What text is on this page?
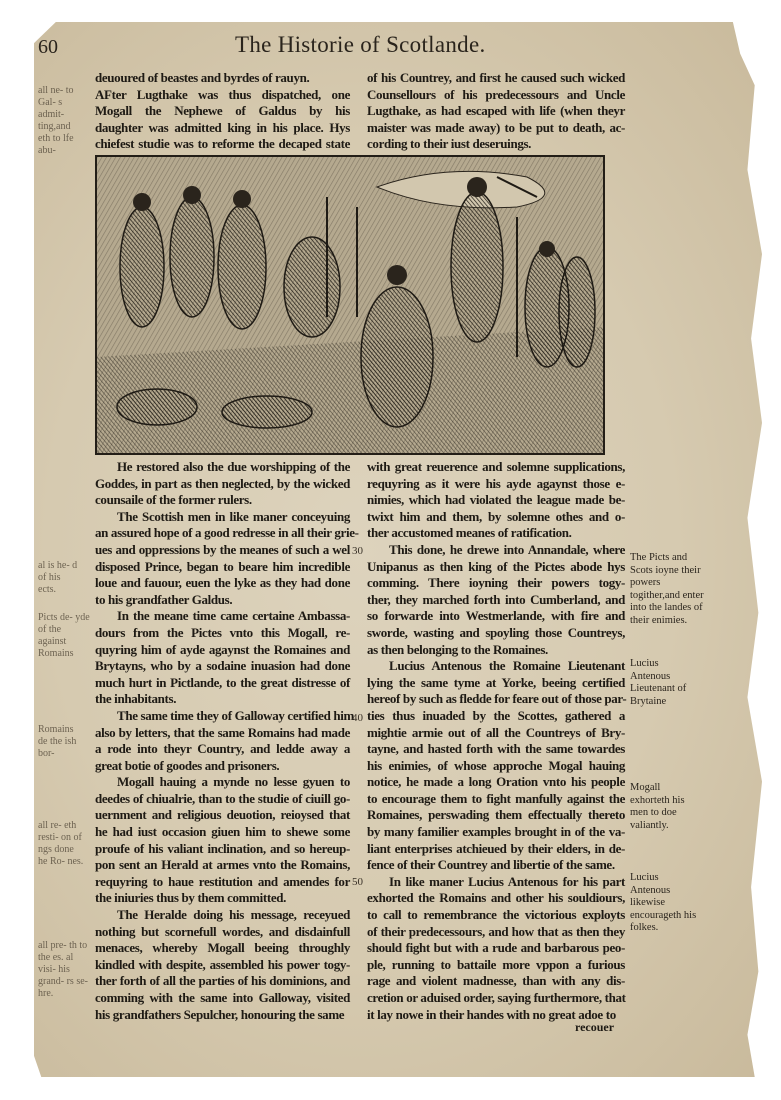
60	The Historie of Scotlande.
deuoured of beastes and byrdes of rauyn.
AFter Lugthake was thus dispatched, one
Mogall the Nephewe of Galdus by his
daughter was admitted king in his place. Hys
chiefest studie was to reforme the decaped state
of his Countrey, and first he caused such wicked
Counsellours of his predecessours and Uncle
Lugthake, as had escaped with life (when theyr
maister was made away) to be put to death, ac-
cording to their iust deseruings.
He restored also the due worshipping of the
Goddes, in part as then neglected, by the wicked
counsaile of the former rulers.
The Scottish men in like maner conceyuing
an assured hope of a good redresse in all their grie-
ues and oppressions by the meanes of such a wel
disposed Prince, began to beare him incredible
loue and fauour, euen the lyke as they had done
to his grandfather Galdus.
In the meane time came certaine Ambassa-
dours from the Pictes vnto this Mogall, re-
quyring him of ayde agaynst the Romaines and
Brytayns, who by a sodaine inuasion had done
much hurt in Pictlande, to the great distresse of
the inhabitants.
The same time they of Galloway certified him
also by letters, that the same Romains had made
a rode into theyr Country, and ledde away a
great botie of goodes and prisoners.
Mogall hauing a mynde no lesse gyuen to
deedes of chiualrie, than to the studie of ciuill go-
uernment and religious deuotion, reioysed that
he had iust occasion giuen him to shewe some
proufe of his valiant inclination, and so hereup-
pon sent an Herald at armes vnto the Romains,
requyring to haue restitution and amendes for
the iniuries thus by them committed.
The Heralde doing his message, receyued
nothing but scornefull wordes, and disdainfull
menaces, whereby Mogall beeing throughly
kindled with despite, assembled his power togy-
ther forth of all the parties of his dominions, and
comming with the same into Galloway, visited
his grandfathers Sepulcher, honouring the same
with great reuerence and solemne supplications,
requyring as it were his ayde agaynst those e-
nimies, which had violated the league made be-
twixt him and them, by solemne othes and o-
ther accustomed meanes of ratification.
This done, he drewe into Annandale, where
Unipanus as then king of the Pictes abode hys
comming. There ioyning their powers togy-
ther, they marched forth into Cumberland, and
so forwarde into Westmerlande, with fire and
sworde, wasting and spoyling those Countreys,
as then belonging to the Romaines.
Lucius Antenous the Romaine Lieutenant
lying the same tyme at Yorke, beeing certified
hereof by such as fledde for feare out of those par-
ties thus inuaded by the Scottes, gathered a
mightie armie out of all the Countreys of Bry-
tayne, and hasted forth with the same towardes
his enimies, of whose approche Mogal hauing
notice, he made a long Oration vnto his people
to encourage them to fight manfully against the
Romaines, perswading them effectually thereto
by many familier examples brought in of the va-
liant enterprises atchieued by their elders, in de-
fence of their Countrey and libertie of the same.
In like maner Lucius Antenous for his part
exhorted the Romains and other his souldiours,
to call to remembrance the victorious exployts
of their predecessours, and how that as then they
should fight but with a rude and barbarous peo-
ple, running to battaile more vppon a furious
rage and violent madnesse, than with any dis-
cretion or aduised order, saying furthermore, that
it lay nowe in their handes with no great adoe to
30
40
50
The Picts and Scots ioyne their powers togither,and enter into the landes of their enimies.
Lucius Antenous Lieutenant of Brytaine
Mogall exhorteth his men to doe valiantly.
Lucius Antenous likewise encourageth his folkes.
all ne- to Gal- s admit- ting,and eth to lfe abu-
al is he- d of his ects.
Picts de- yde of the against Romains
Romains de the ish bor-
all re- eth resti- on of ngs done he Ro- nes.
all pre- th to the es. al visi- his grand- rs se- hre.
recouer
